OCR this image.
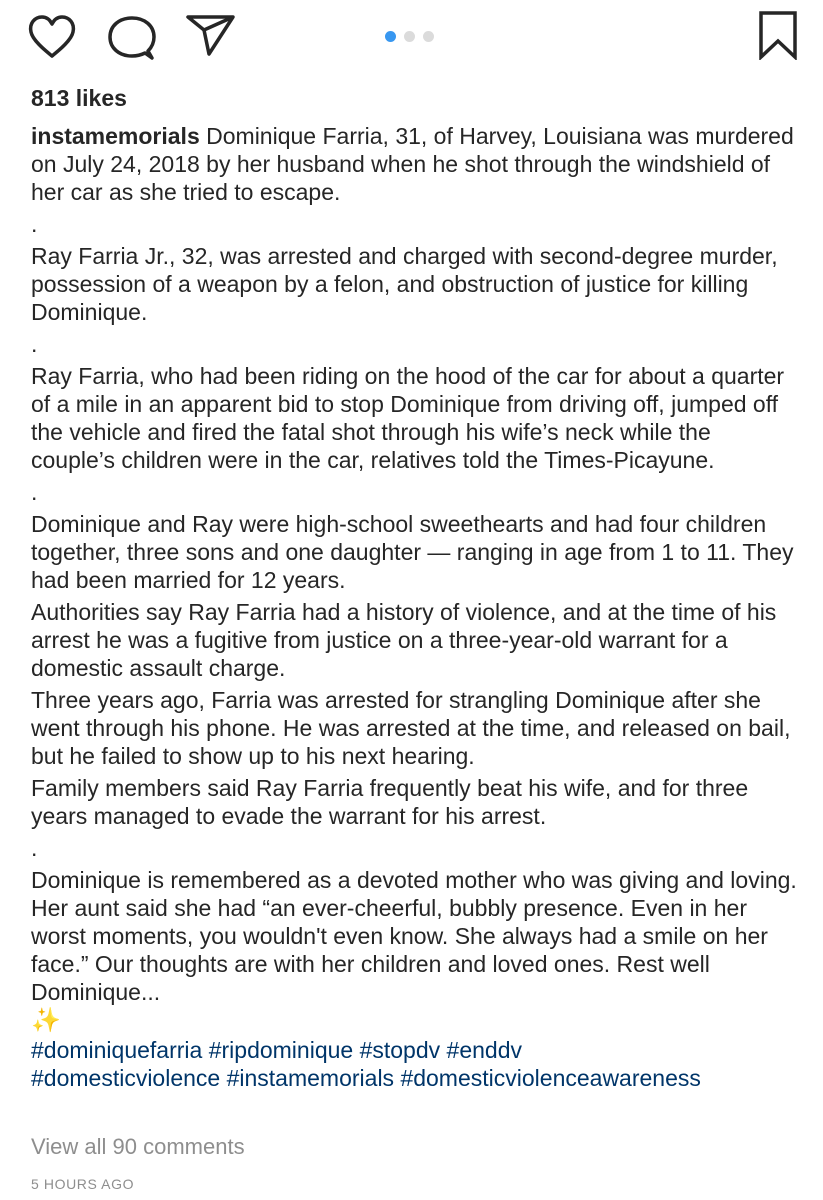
813 likes

instamemorials Dominique Farria, 31, of Harvey, Louisiana was murdered on July 24, 2018 by her husband when he shot through the windshield of her car as she tried to escape.

.

Ray Farria Jr., 32, was arrested and charged with second-degree murder, possession of a weapon by a felon, and obstruction of justice for killing Dominique.

.

Ray Farria, who had been riding on the hood of the car for about a quarter of a mile in an apparent bid to stop Dominique from driving off, jumped off the vehicle and fired the fatal shot through his wife’s neck while the couple’s children were in the car, relatives told the Times-Picayune.

.

Dominique and Ray were high-school sweethearts and had four children together, three sons and one daughter — ranging in age from 1 to 11. They had been married for 12 years.

Authorities say Ray Farria had a history of violence, and at the time of his arrest he was a fugitive from justice on a three-year-old warrant for a domestic assault charge.

Three years ago, Farria was arrested for strangling Dominique after she went through his phone. He was arrested at the time, and released on bail, but he failed to show up to his next hearing.

Family members said Ray Farria frequently beat his wife, and for three years managed to evade the warrant for his arrest.

.

Dominique is remembered as a devoted mother who was giving and loving. Her aunt said she had “an ever-cheerful, bubbly presence. Even in her worst moments, you wouldn't even know. She always had a smile on her face.” Our thoughts are with her children and loved ones. Rest well Dominique...

✨

#dominiquefarria #ripdominique #stopdv #enddv

#domesticviolence #instamemorials #domesticviolenceawareness

View all 90 comments
5 HOURS AGO
